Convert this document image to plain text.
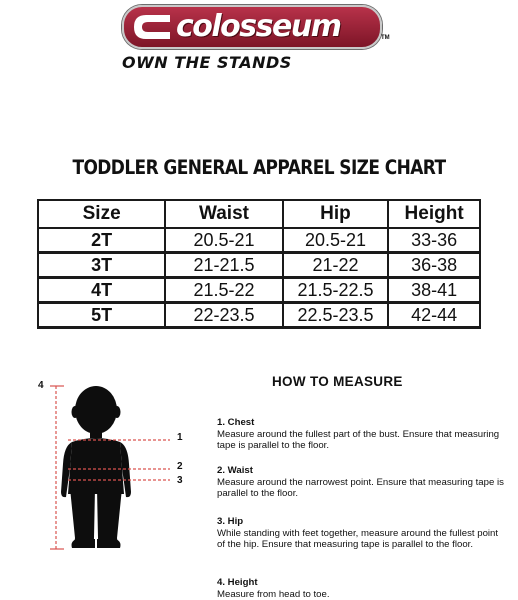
colosseum	TM
OWN THE STANDS
TODDLER GENERAL APPAREL SIZE CHART
Size	Waist	Hip	Height
2T	20.5-21	20.5-21	33-36
3T	21-21.5	21-22	36-38
4T	21.5-22	21.5-22.5	38-41
5T	22-23.5	22.5-23.5	42-44
1
2
3
4	HOW TO MEASURE
1. Chest
Measure around the fullest part of the bust. Ensure that measuring tape is parallel to the floor.
2. Waist
Measure around the narrowest point. Ensure that measuring tape is parallel to the floor.
3. Hip
While standing with feet together, measure around the fullest point of the hip. Ensure that measuring tape is parallel to the floor.
4. Height
Measure from head to toe.
